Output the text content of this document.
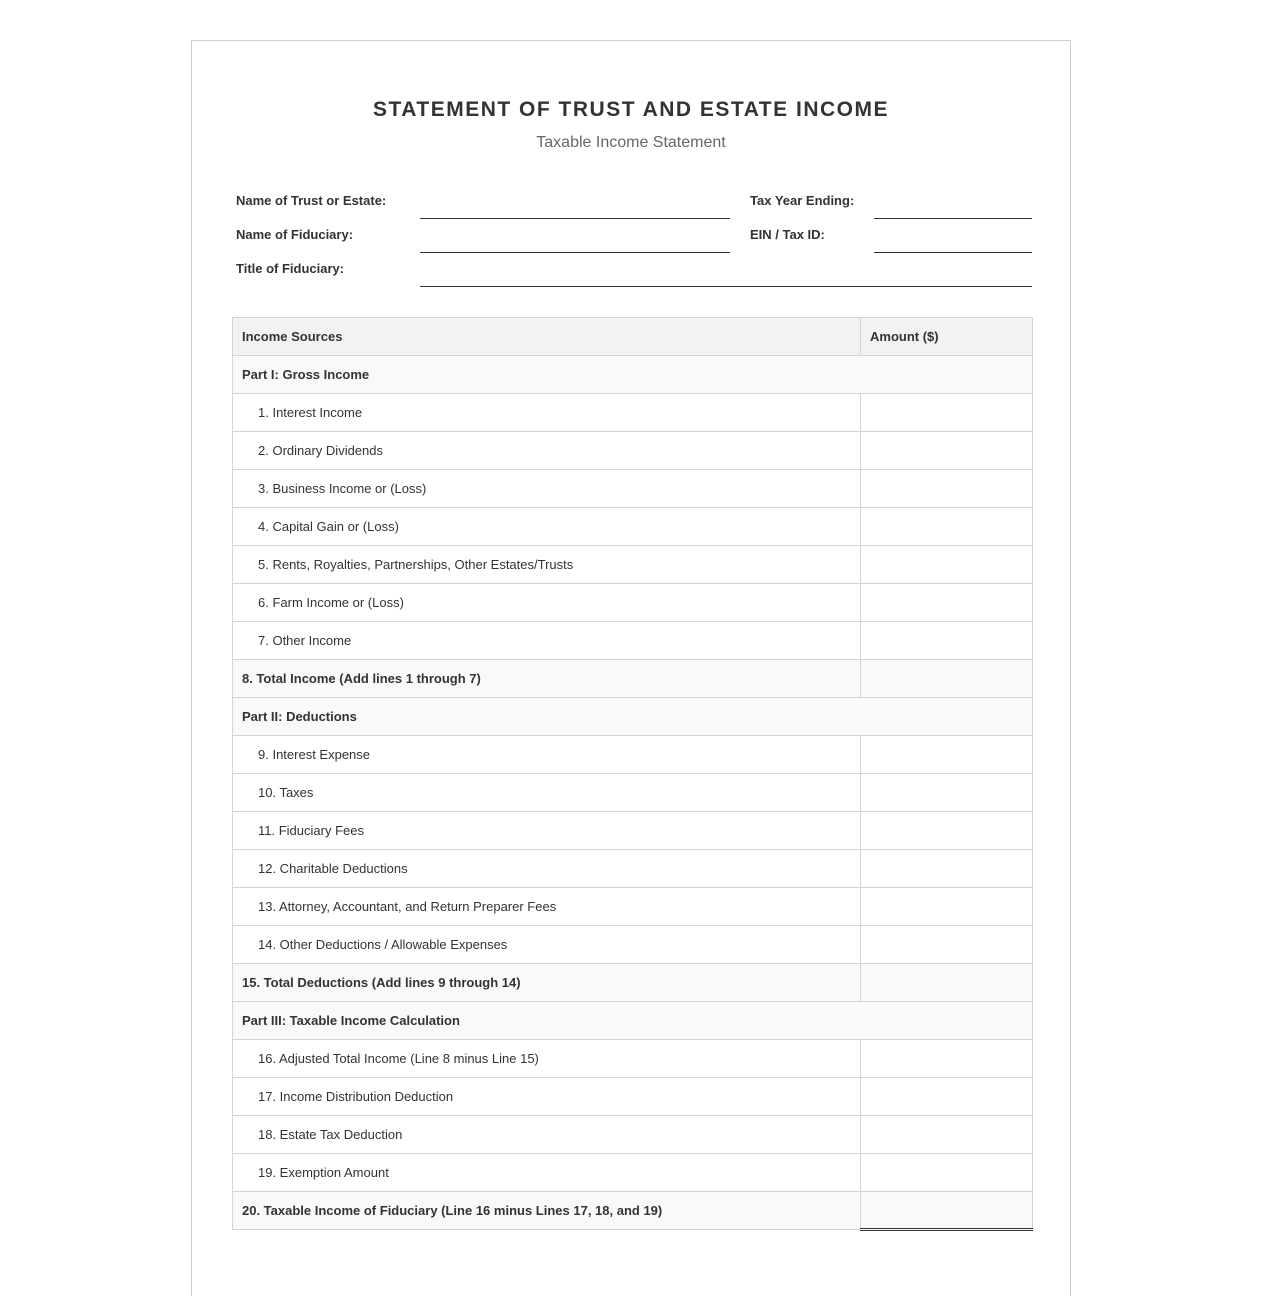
STATEMENT OF TRUST AND ESTATE INCOME
Taxable Income Statement
Name of Trust or Estate:	Tax Year Ending:
Name of Fiduciary:	EIN / Tax ID:
Title of Fiduciary:
Income Sources	Amount ($)
Part I: Gross Income	
1. Interest Income	
2. Ordinary Dividends	
3. Business Income or (Loss)	
4. Capital Gain or (Loss)	
5. Rents, Royalties, Partnerships, Other Estates/Trusts	
6. Farm Income or (Loss)	
7. Other Income	
8. Total Income (Add lines 1 through 7)	
Part II: Deductions	
9. Interest Expense	
10. Taxes	
11. Fiduciary Fees	
12. Charitable Deductions	
13. Attorney, Accountant, and Return Preparer Fees	
14. Other Deductions / Allowable Expenses	
15. Total Deductions (Add lines 9 through 14)	
Part III: Taxable Income Calculation	
16. Adjusted Total Income (Line 8 minus Line 15)	
17. Income Distribution Deduction	
18. Estate Tax Deduction	
19. Exemption Amount	
20. Taxable Income of Fiduciary (Line 16 minus Lines 17, 18, and 19)	
